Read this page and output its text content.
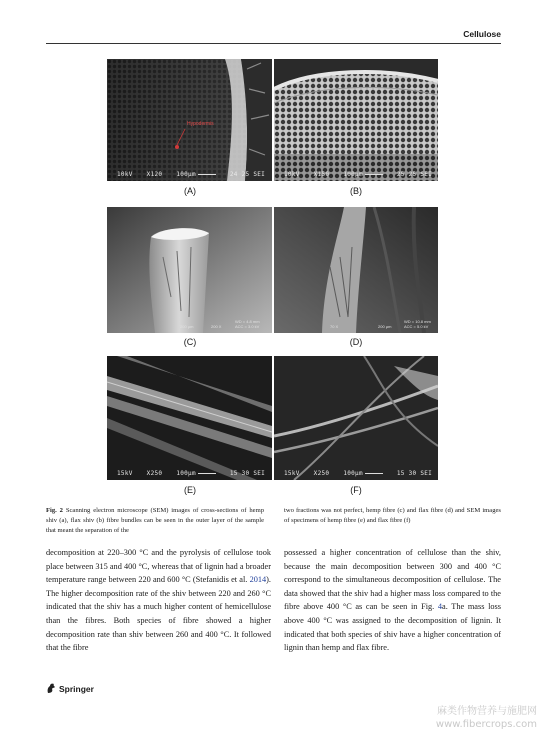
Cellulose
Hypodermis
10kV X120 100μm	24 25 SEI
(A)
10kV X150 100μm	25 25 SEI
(B)
WD = 4.8 mm
ACC = 3.0 kV
200 X
(C)
WD = 10.8 mm
ACC = 5.0 kV
70 X
(D)
15kV X250 100μm	15 30 SEI
(E)
15kV X250 100μm	15 30 SEI
(F)
200 μm	200 μm
Fig. 2 Scanning electron microscope (SEM) images of cross-sections of hemp shiv (a), flax shiv (b) fibre bundles can be seen in the outer layer of the sample that meant the separation of the
two fractions was not perfect, hemp fibre (c) and flax fibre (d) and SEM images of specimens of hemp fibre (e) and flax fibre (f)
decomposition at 220–300 °C and the pyrolysis of cellulose took place between 315 and 400 °C, whereas that of lignin had a broader temperature range between 220 and 600 °C (Stefanidis et al. 2014). The higher decomposition rate of the shiv between 220 and 260 °C indicated that the shiv has a much higher content of hemicellulose than the fibres. Both species of fibre showed a higher decomposition rate than shiv between 260 and 400 °C. It followed that the fibre
possessed a higher concentration of cellulose than the shiv, because the main decomposition between 300 and 400 °C correspond to the simultaneous decomposition of cellulose. The data showed that the shiv had a higher mass loss compared to the fibre above 400 °C as can be seen in Fig. 4a. The mass loss above 400 °C was assigned to the decomposition of lignin. It indicated that both species of shiv have a higher concentration of lignin than hemp and flax fibre.
Springer
麻类作物营养与施肥网
www.fibercrops.com
